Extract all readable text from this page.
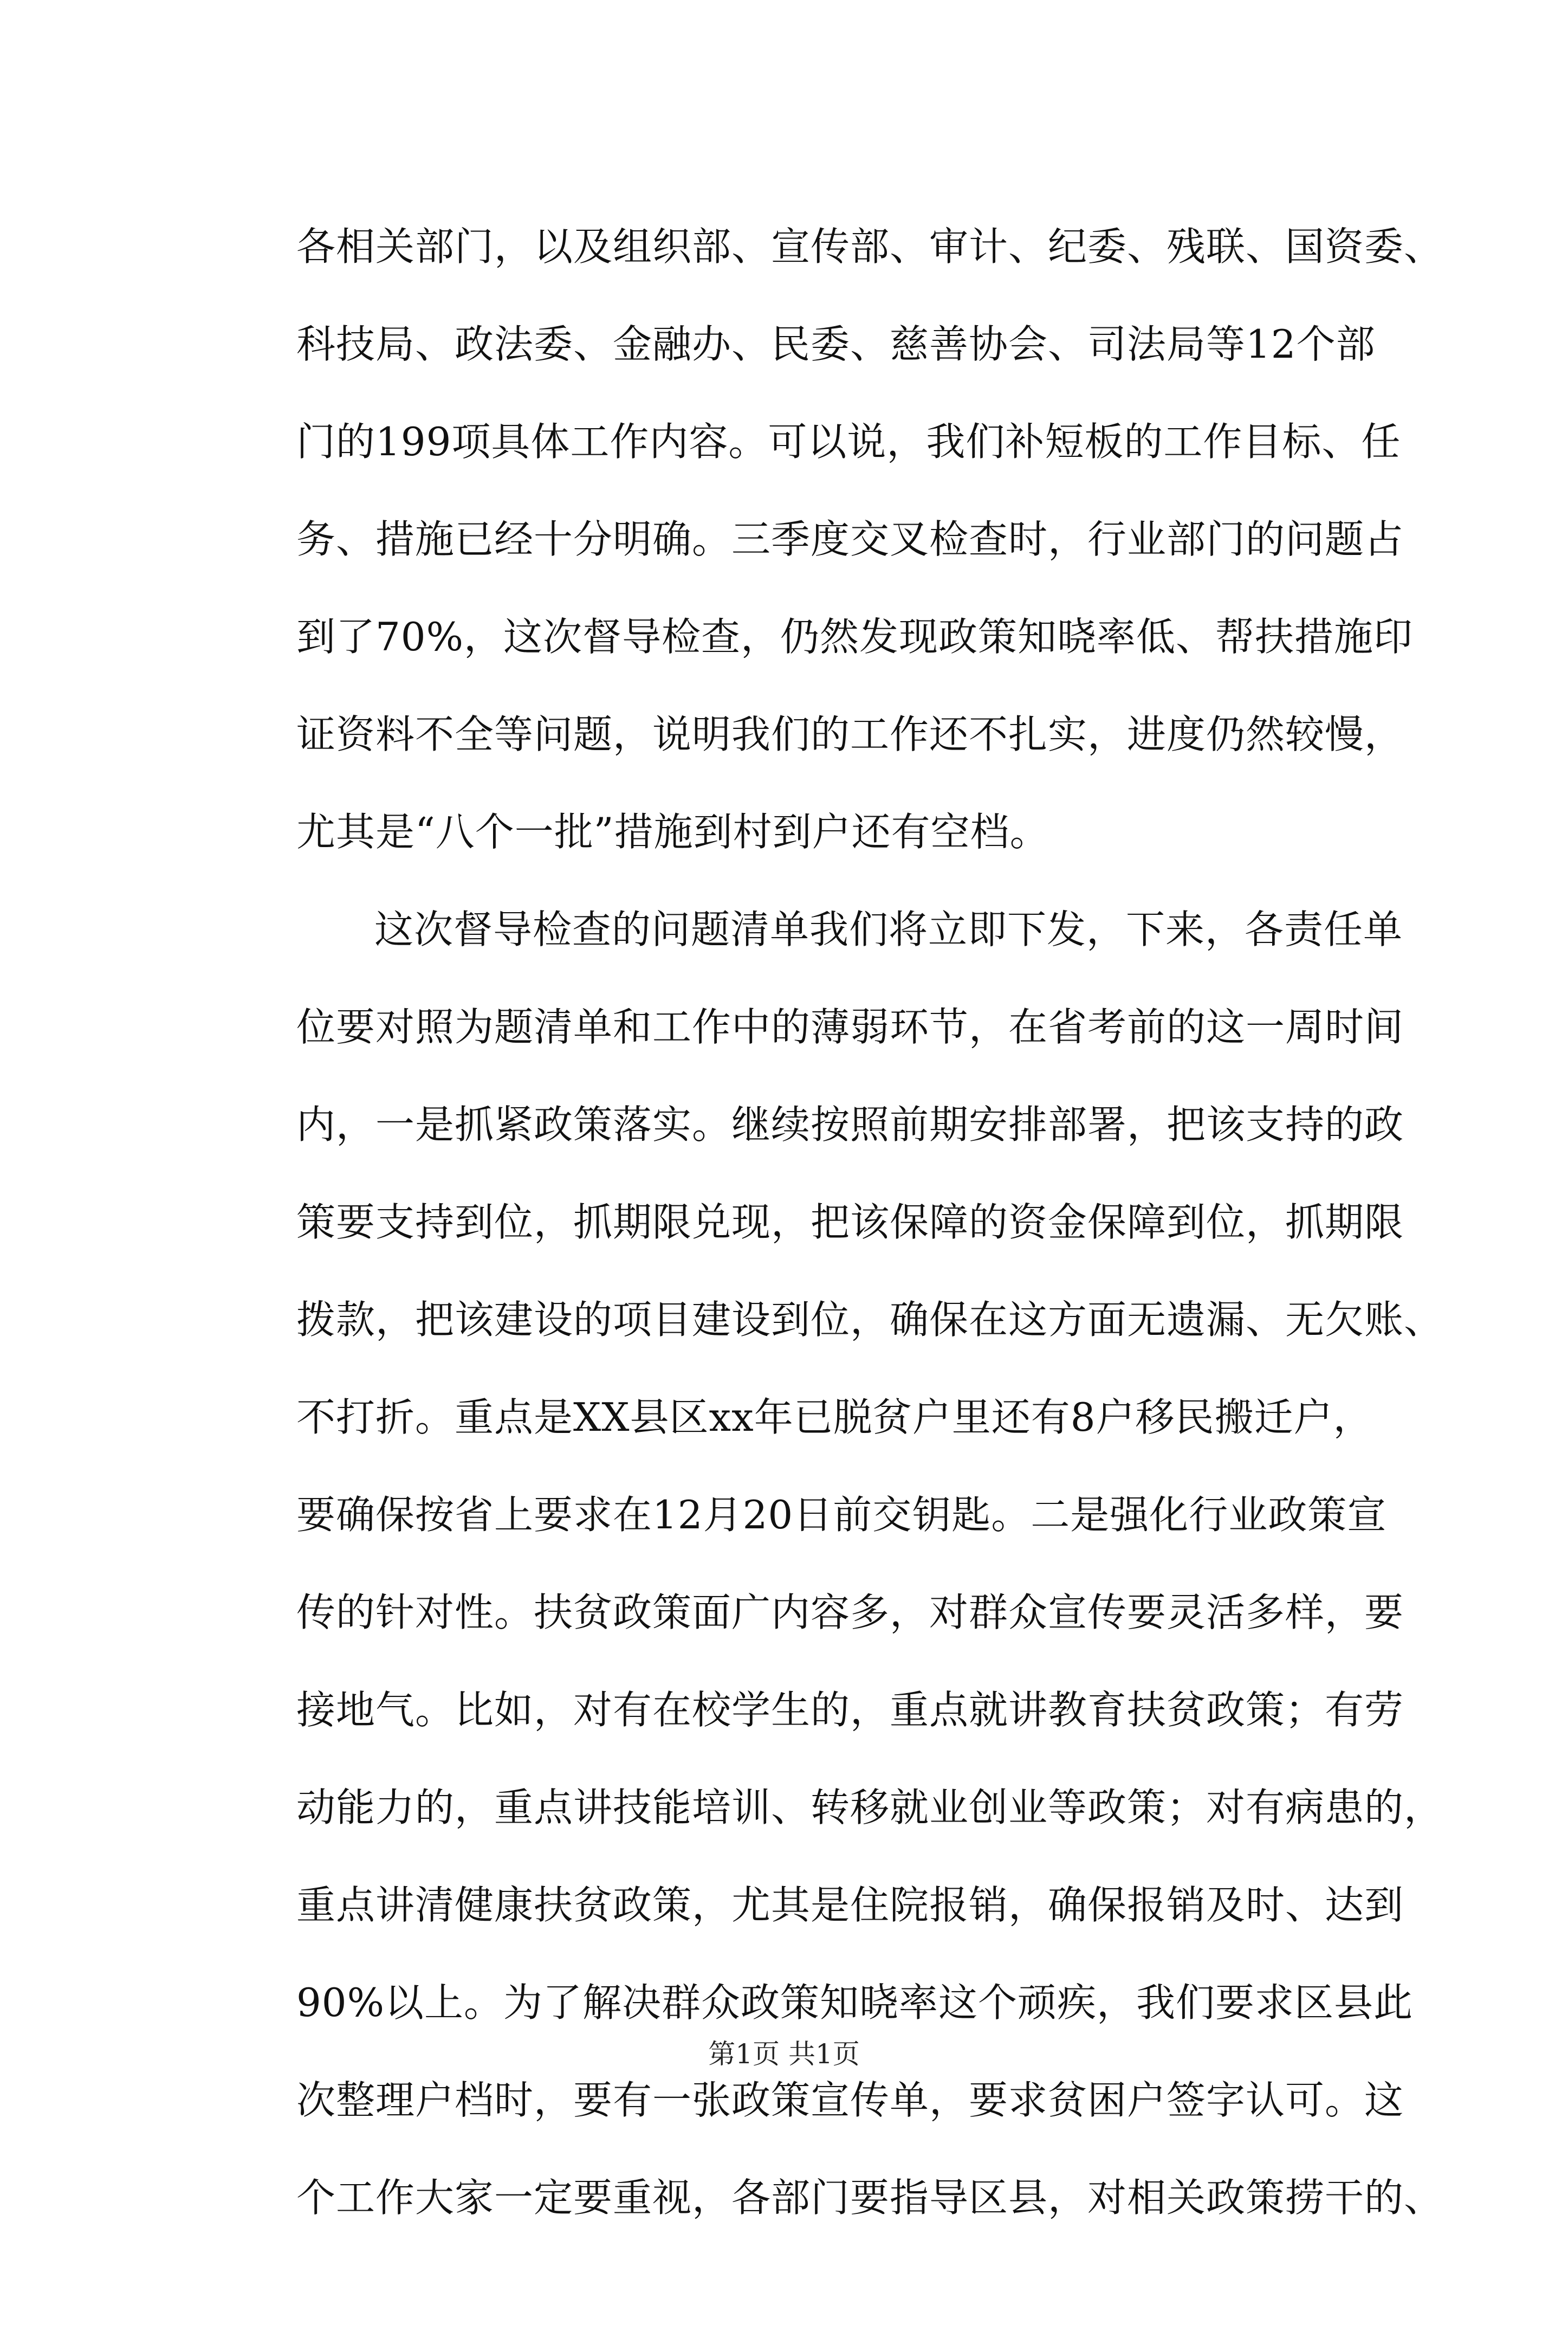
各相关部门，以及组织部、宣传部、审计、纪委、残联、国资委、
科技局、政法委、金融办、民委、慈善协会、司法局等12个部
门的199项具体工作内容。可以说，我们补短板的工作目标、任
务、措施已经十分明确。三季度交叉检查时，行业部门的问题占
到了70%，这次督导检查，仍然发现政策知晓率低、帮扶措施印
证资料不全等问题，说明我们的工作还不扎实，进度仍然较慢，
尤其是“八个一批”措施到村到户还有空档。
这次督导检查的问题清单我们将立即下发，下来，各责任单
位要对照为题清单和工作中的薄弱环节，在省考前的这一周时间
内，一是抓紧政策落实。继续按照前期安排部署，把该支持的政
策要支持到位，抓期限兑现，把该保障的资金保障到位，抓期限
拨款，把该建设的项目建设到位，确保在这方面无遗漏、无欠账、
不打折。重点是XX县区xx年已脱贫户里还有8户移民搬迁户，
要确保按省上要求在12月20日前交钥匙。二是强化行业政策宣
传的针对性。扶贫政策面广内容多，对群众宣传要灵活多样，要
接地气。比如，对有在校学生的，重点就讲教育扶贫政策；有劳
动能力的，重点讲技能培训、转移就业创业等政策；对有病患的，
重点讲清健康扶贫政策，尤其是住院报销，确保报销及时、达到
90%以上。为了解决群众政策知晓率这个顽疾，我们要求区县此
次整理户档时，要有一张政策宣传单，要求贫困户签字认可。这
个工作大家一定要重视，各部门要指导区县，对相关政策捞干的、
第1页 共1页
